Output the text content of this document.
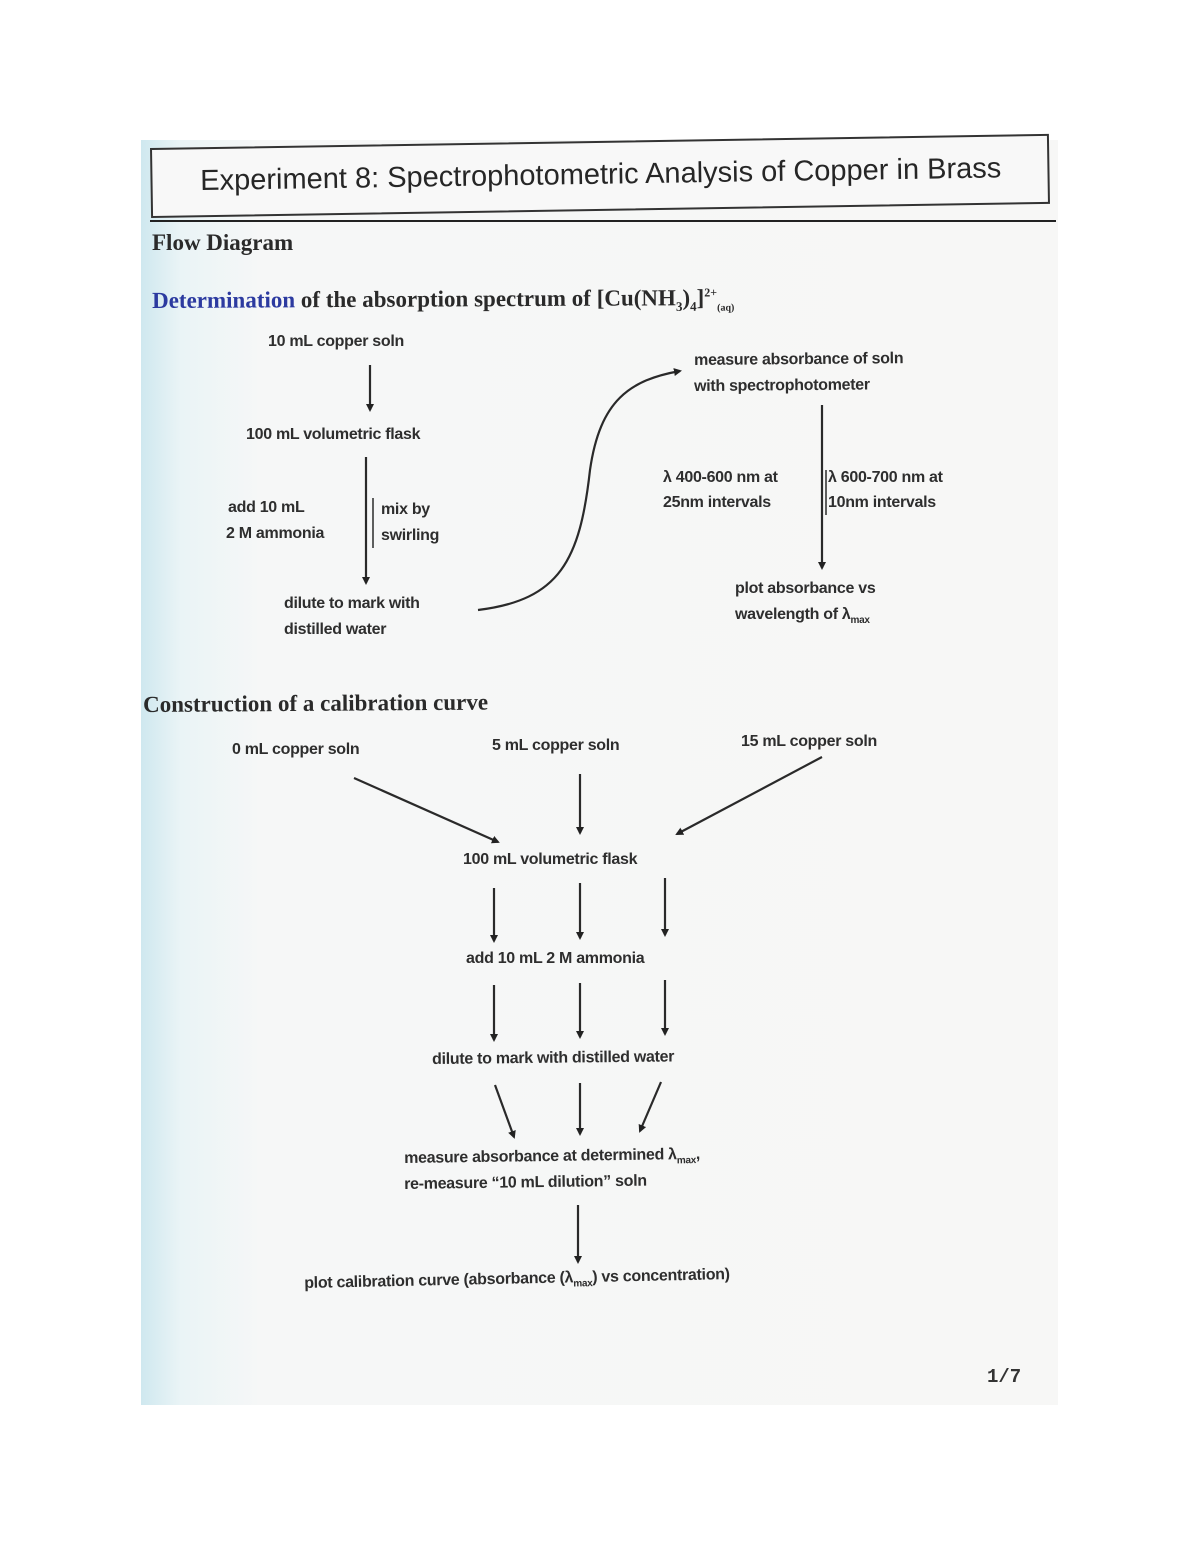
Experiment 8: Spectrophotometric Analysis of Copper in Brass
Flow Diagram
Determination of the absorption spectrum of $[Cu(NH_3)_4]^{2+}_{(aq)}$
10 mL copper soln
100 mL volumetric flask
add 10 mL
2 M ammonia
mix by
swirling
dilute to mark with
distilled water
measure absorbance of soln
with spectrophotometer
λ 400-600 nm at
25nm intervals
λ 600-700 nm at
10nm intervals
plot absorbance vs
wavelength of $\lambda_{max}$
Construction of a calibration curve
0 mL copper soln	5 mL copper soln	15 mL copper soln
100 mL volumetric flask
add 10 mL 2 M ammonia
dilute to mark with distilled water
measure absorbance at determined $\lambda_{max}$,
re-measure “10 mL dilution” soln
plot calibration curve (absorbance $(\lambda_{max})$ vs concentration)
1/7
